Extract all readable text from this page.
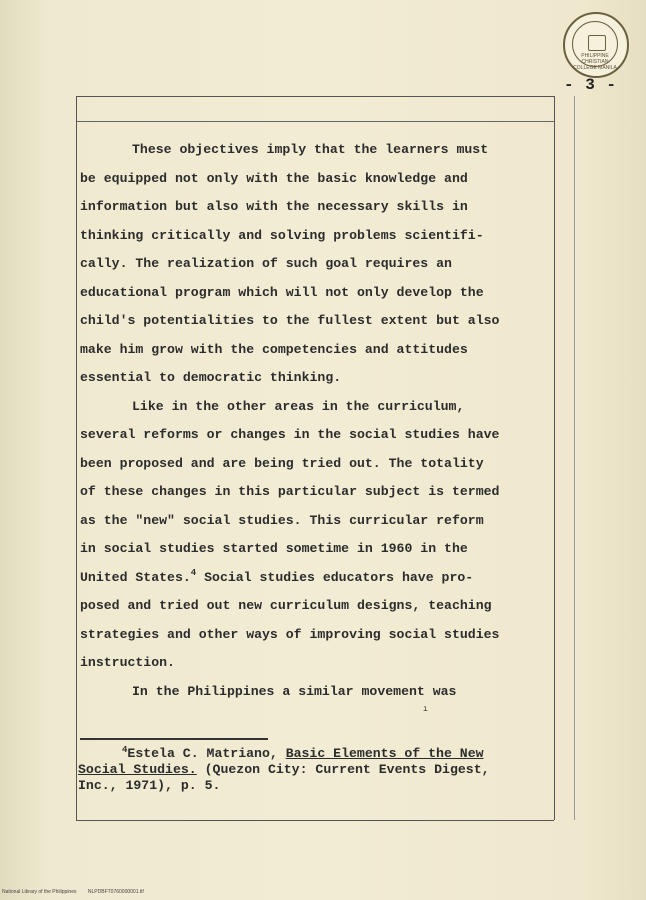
PHILIPPINE CHRISTIAN COLLEGE MANILA
- 3 -
These objectives imply that the learners must
be equipped not only with the basic knowledge and
information but also with the necessary skills in
thinking critically and solving problems scientifi-
cally. The realization of such goal requires an
educational program which will not only develop the
child's potentialities to the fullest extent but also
make him grow with the competencies and attitudes
essential to democratic thinking.
Like in the other areas in the curriculum,
several reforms or changes in the social studies have
been proposed and are being tried out. The totality
of these changes in this particular subject is termed
as the "new" social studies. This curricular reform
in social studies started sometime in 1960 in the
United States.$^4$ Social studies educators have pro-
posed and tried out new curriculum designs, teaching
strategies and other ways of improving social studies
instruction.
In the Philippines a similar movement was
ı
$^4$Estela C. Matriano, Basic Elements of the New
Social Studies. (Quezon City: Current Events Digest,
Inc., 1971), p. 5.
National Library of the Philippines NLPDBFT0760000001.tif
